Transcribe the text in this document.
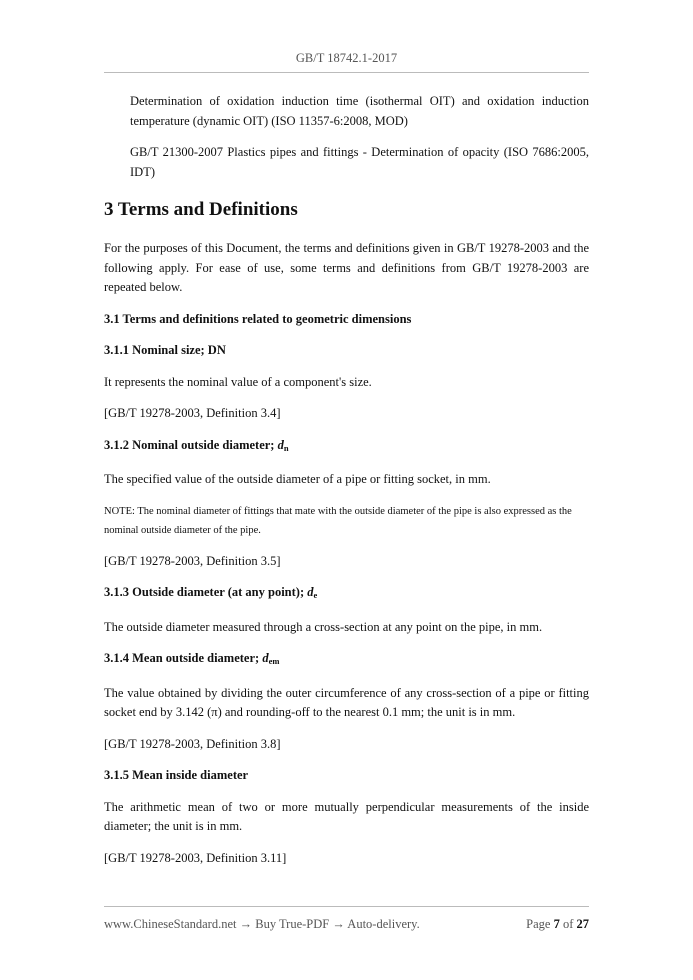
GB/T 18742.1-2017

Determination of oxidation induction time (isothermal OIT) and oxidation induction temperature (dynamic OIT) (ISO 11357-6:2008, MOD)

GB/T 21300-2007 Plastics pipes and fittings - Determination of opacity (ISO 7686:2005, IDT)

3 Terms and Definitions

For the purposes of this Document, the terms and definitions given in GB/T 19278-2003 and the following apply. For ease of use, some terms and definitions from GB/T 19278-2003 are repeated below.

3.1 Terms and definitions related to geometric dimensions

3.1.1 Nominal size; DN

It represents the nominal value of a component's size.

[GB/T 19278-2003, Definition 3.4]

3.1.2 Nominal outside diameter; $d_n$

The specified value of the outside diameter of a pipe or fitting socket, in mm.

NOTE: The nominal diameter of fittings that mate with the outside diameter of the pipe is also expressed as the nominal outside diameter of the pipe.

[GB/T 19278-2003, Definition 3.5]

3.1.3 Outside diameter (at any point); $d_e$

The outside diameter measured through a cross-section at any point on the pipe, in mm.

3.1.4 Mean outside diameter; $d_{em}$

The value obtained by dividing the outer circumference of any cross-section of a pipe or fitting socket end by 3.142 (π) and rounding-off to the nearest 0.1 mm; the unit is in mm.

[GB/T 19278-2003, Definition 3.8]

3.1.5 Mean inside diameter

The arithmetic mean of two or more mutually perpendicular measurements of the inside diameter; the unit is in mm.

[GB/T 19278-2003, Definition 3.11]

www.ChineseStandard.net → Buy True-PDF → Auto-delivery.	Page 7 of 27
